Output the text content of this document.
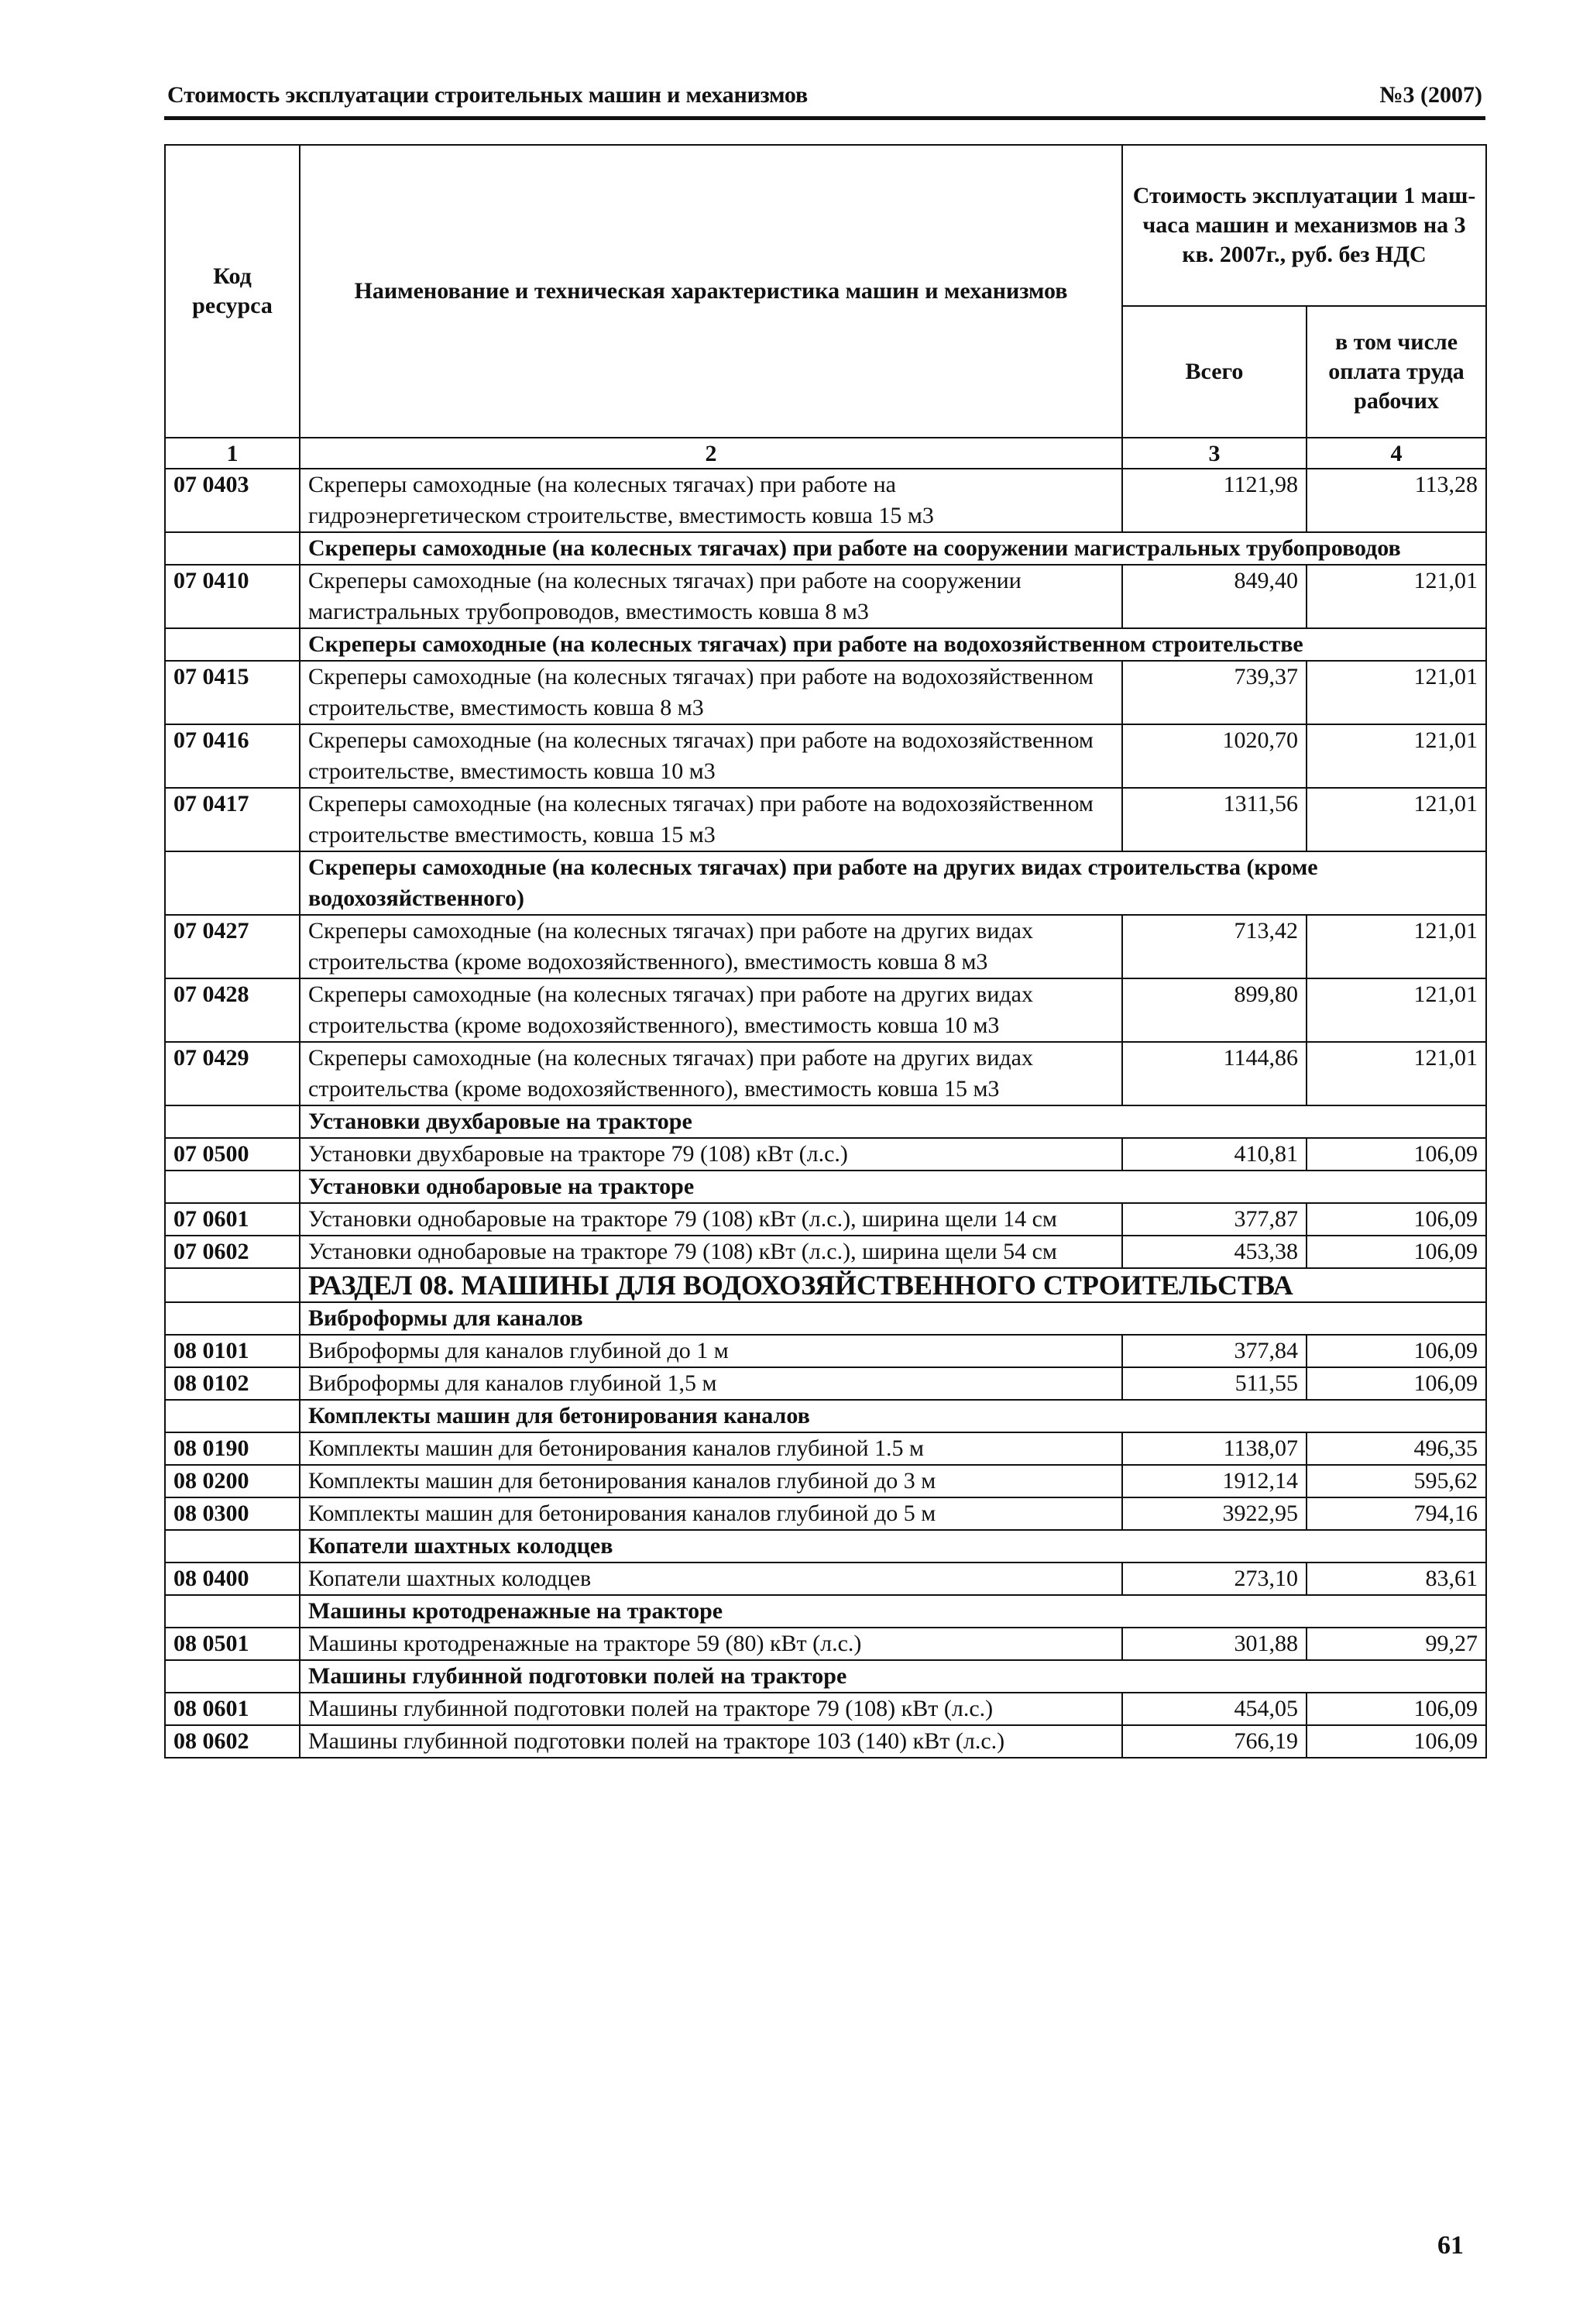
Стоимость эксплуатации строительных машин и механизмов	№3 (2007)
Код ресурса	Наименование и техническая характеристика машин и механизмов	Стоимость эксплуатации 1 маш-часа машин и механизмов на 3 кв. 2007г., руб. без НДС	
		Всего	в том числе оплата труда рабочих
1	2	3	4
07 0403	Скреперы самоходные (на колесных тягачах) при работе на гидроэнергетическом строительстве, вместимость ковша 15 м3	1121,98	113,28
	Скреперы самоходные (на колесных тягачах) при работе на сооружении магистральных трубопроводов		
07 0410	Скреперы самоходные (на колесных тягачах) при работе на сооружении магистральных трубопроводов, вместимость ковша 8 м3	849,40	121,01
	Скреперы самоходные (на колесных тягачах) при работе на водохозяйственном строительстве		
07 0415	Скреперы самоходные (на колесных тягачах) при работе на водохозяйственном строительстве, вместимость ковша 8 м3	739,37	121,01
07 0416	Скреперы самоходные (на колесных тягачах) при работе на водохозяйственном строительстве, вместимость ковша 10 м3	1020,70	121,01
07 0417	Скреперы самоходные (на колесных тягачах) при работе на водохозяйственном строительстве вместимость, ковша 15 м3	1311,56	121,01
	Скреперы самоходные (на колесных тягачах) при работе на других видах строительства (кроме водохозяйственного)		
07 0427	Скреперы самоходные (на колесных тягачах) при работе на других видах строительства (кроме водохозяйственного), вместимость ковша 8 м3	713,42	121,01
07 0428	Скреперы самоходные (на колесных тягачах) при работе на других видах строительства (кроме водохозяйственного), вместимость ковша 10 м3	899,80	121,01
07 0429	Скреперы самоходные (на колесных тягачах) при работе на других видах строительства (кроме водохозяйственного), вместимость ковша 15 м3	1144,86	121,01
	Установки двухбаровые на тракторе		
07 0500	Установки двухбаровые на тракторе 79 (108) кВт (л.с.)	410,81	106,09
	Установки однобаровые на тракторе		
07 0601	Установки однобаровые на тракторе 79 (108) кВт (л.с.), ширина щели 14 см	377,87	106,09
07 0602	Установки однобаровые на тракторе 79 (108) кВт (л.с.), ширина щели 54 см	453,38	106,09
	РАЗДЕЛ 08. МАШИНЫ ДЛЯ ВОДОХОЗЯЙСТВЕННОГО СТРОИТЕЛЬСТВА		
	Виброформы для каналов		
08 0101	Виброформы для каналов глубиной до 1 м	377,84	106,09
08 0102	Виброформы для каналов глубиной 1,5 м	511,55	106,09
	Комплекты машин для бетонирования каналов		
08 0190	Комплекты машин для бетонирования каналов глубиной 1.5 м	1138,07	496,35
08 0200	Комплекты машин для бетонирования каналов глубиной до 3 м	1912,14	595,62
08 0300	Комплекты машин для бетонирования каналов глубиной до 5 м	3922,95	794,16
	Копатели шахтных колодцев		
08 0400	Копатели шахтных колодцев	273,10	83,61
	Машины кротодренажные на тракторе		
08 0501	Машины кротодренажные на тракторе 59 (80) кВт (л.с.)	301,88	99,27
	Машины глубинной подготовки полей на тракторе		
08 0601	Машины глубинной подготовки полей на тракторе 79 (108) кВт (л.с.)	454,05	106,09
08 0602	Машины глубинной подготовки полей на тракторе 103 (140) кВт (л.с.)	766,19	106,09
61
